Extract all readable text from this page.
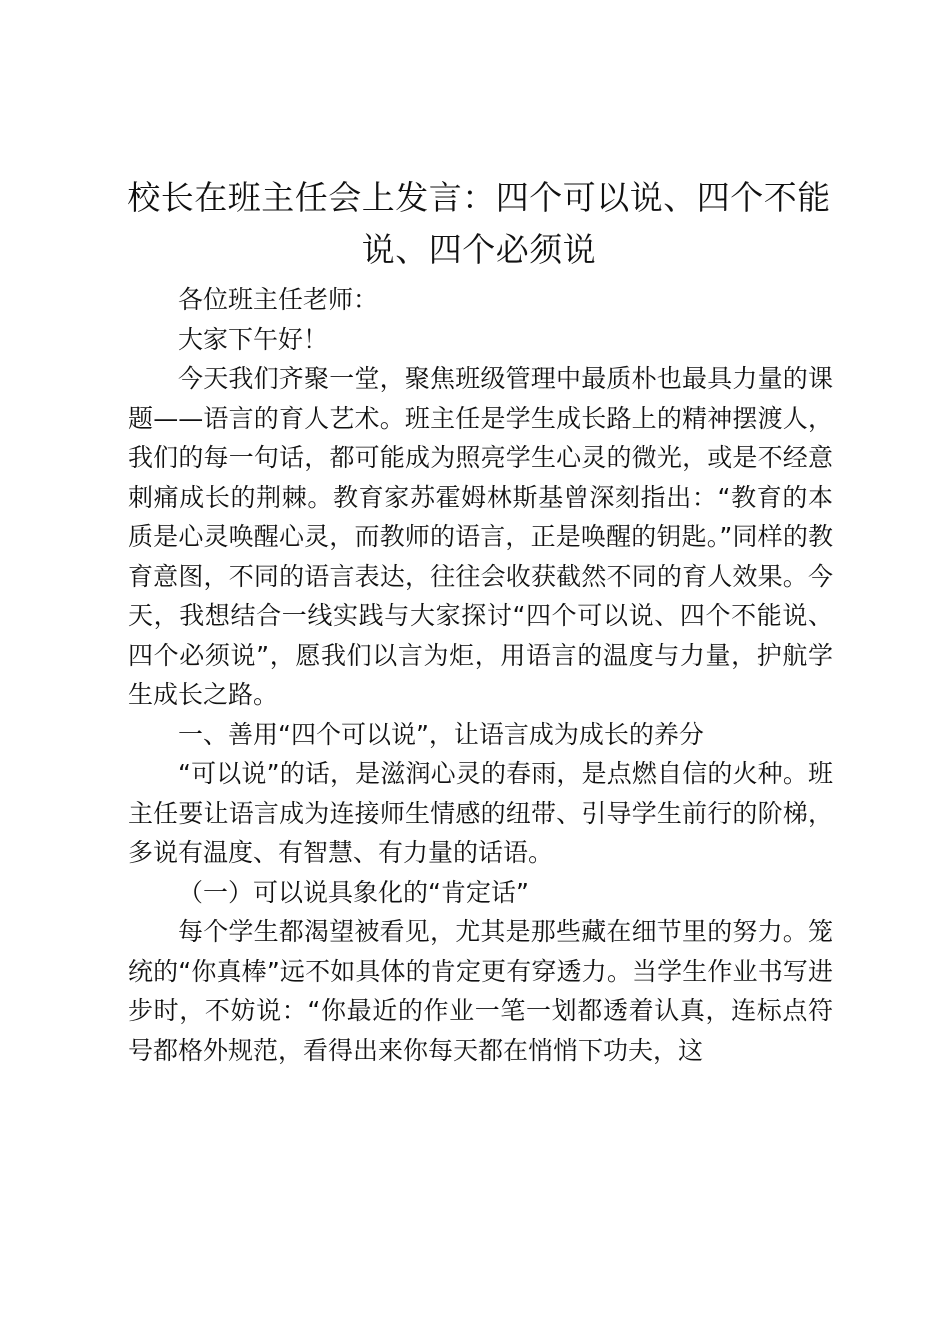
校长在班主任会上发言：四个可以说、四个不能说、四个必须说

各位班主任老师：

大家下午好！

今天我们齐聚一堂，聚焦班级管理中最质朴也最具力量的课题——语言的育人艺术。班主任是学生成长路上的精神摆渡人，我们的每一句话，都可能成为照亮学生心灵的微光，或是不经意刺痛成长的荆棘。教育家苏霍姆林斯基曾深刻指出：“教育的本质是心灵唤醒心灵，而教师的语言，正是唤醒的钥匙。”同样的教育意图，不同的语言表达，往往会收获截然不同的育人效果。今天，我想结合一线实践与大家探讨“四个可以说、四个不能说、四个必须说”，愿我们以言为炬，用语言的温度与力量，护航学生成长之路。

一、善用“四个可以说”，让语言成为成长的养分

“可以说”的话，是滋润心灵的春雨，是点燃自信的火种。班主任要让语言成为连接师生情感的纽带、引导学生前行的阶梯，多说有温度、有智慧、有力量的话语。

（一）可以说具象化的“肯定话”

每个学生都渴望被看见，尤其是那些藏在细节里的努力。笼统的“你真棒”远不如具体的肯定更有穿透力。当学生作业书写进步时，不妨说：“你最近的作业一笔一划都透着认真，连标点符号都格外规范，看得出来你每天都在悄悄下功夫，这
